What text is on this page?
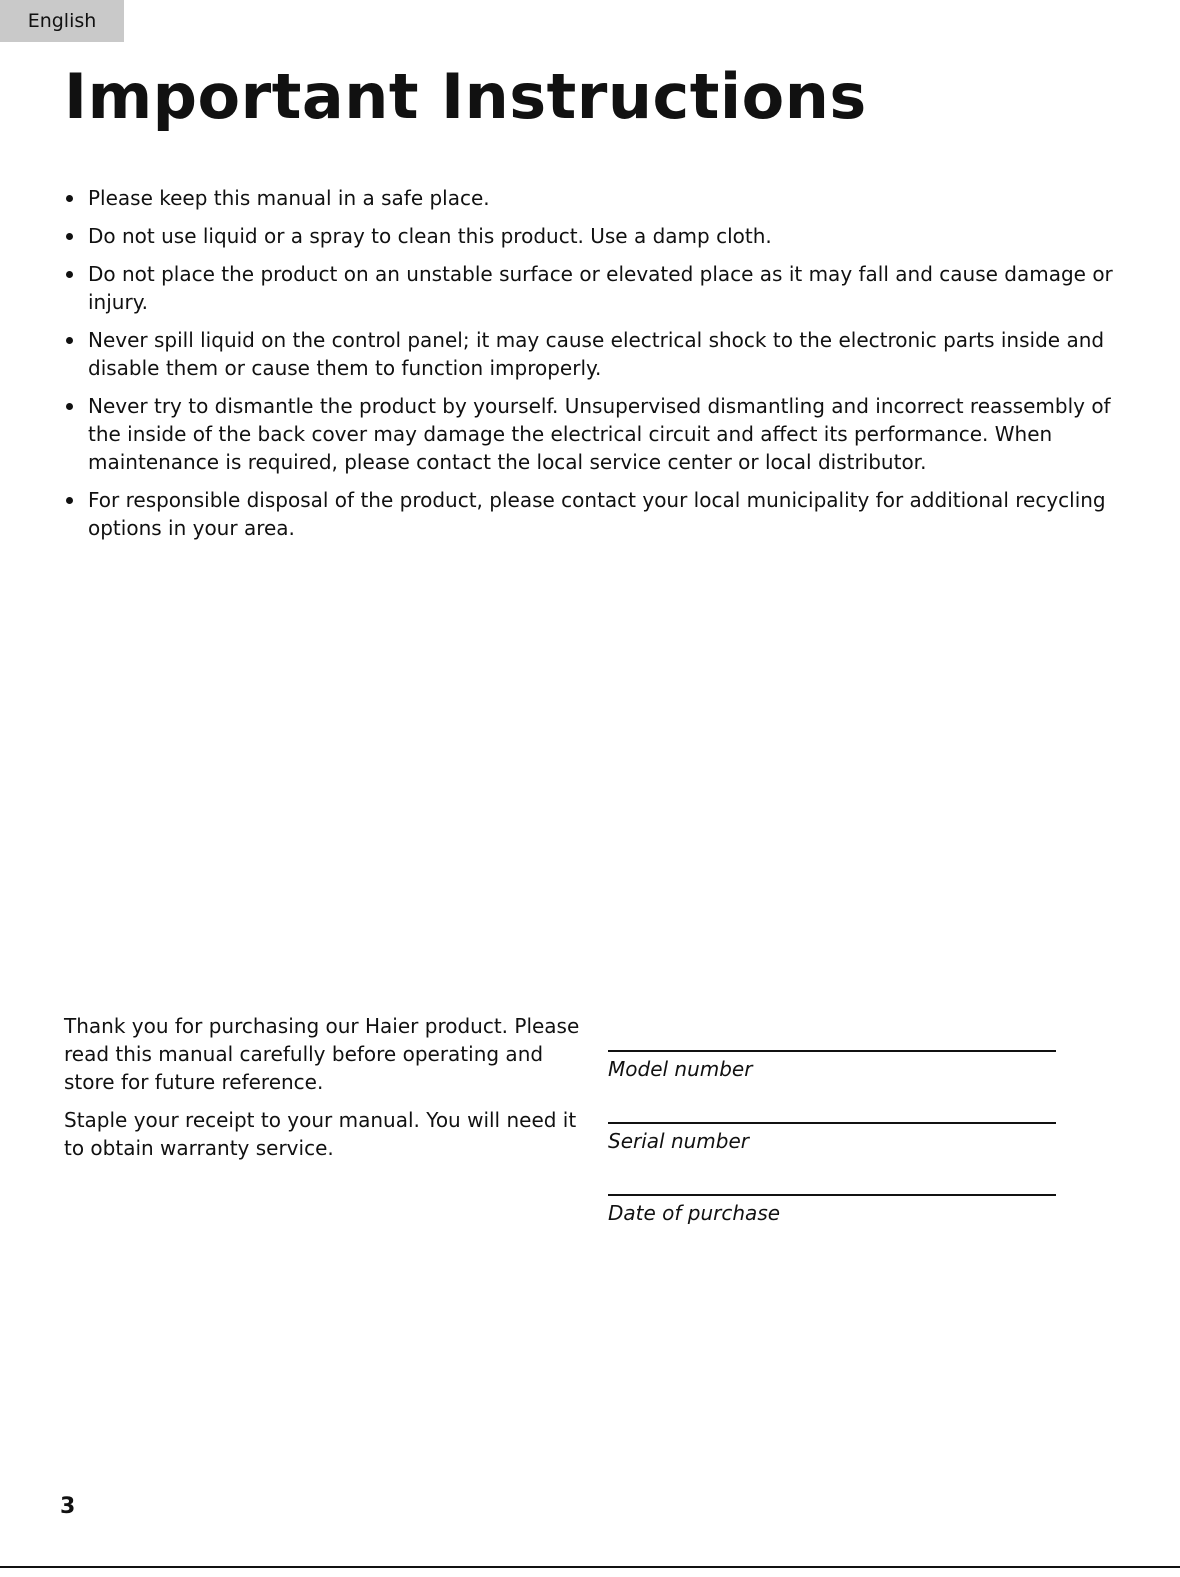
English
Important Instructions
Please keep this manual in a safe place.
Do not use liquid or a spray to clean this product. Use a damp cloth.
Do not place the product on an unstable surface or elevated place as it may fall and cause damage or injury.
Never spill liquid on the control panel; it may cause electrical shock to the electronic parts inside and disable them or cause them to function improperly.
Never try to dismantle the product by yourself. Unsupervised dismantling and incorrect reassembly of the inside of the back cover may damage the electrical circuit and affect its performance. When maintenance is required, please contact the local service center or local distributor.
For responsible disposal of the product, please contact your local municipality for additional recycling options in your area.

Thank you for purchasing our Haier product. Please read this manual carefully before operating and store for future reference.

Staple your receipt to your manual. You will need it to obtain warranty service.

Model number
Serial number
Date of purchase
3
